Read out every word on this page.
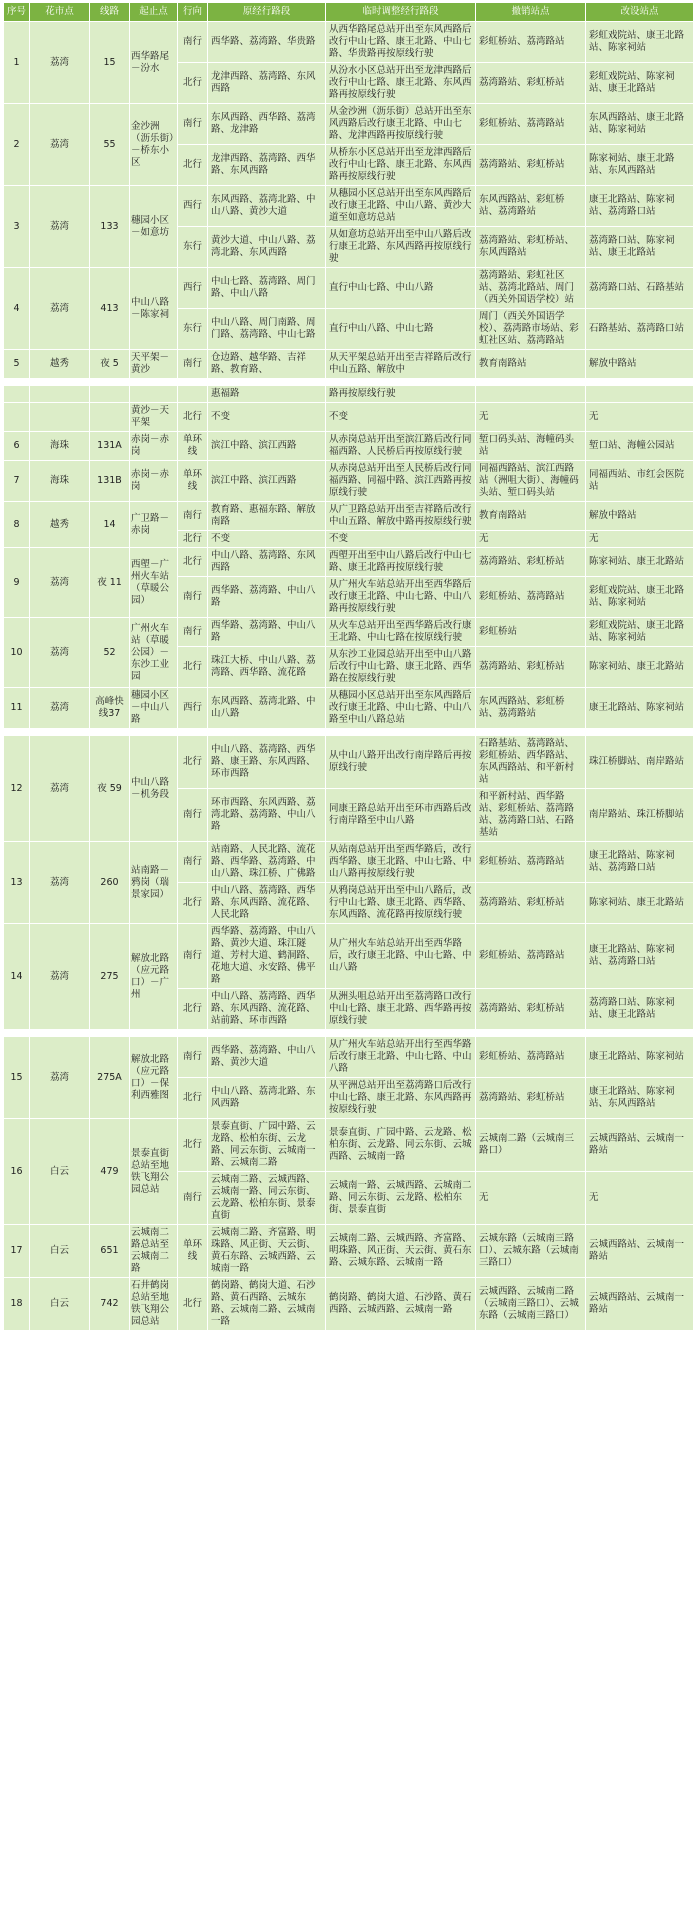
序号	花市点	线路	起止点	行向	原经行路段	临时调整经行路段	撤销站点	改设站点
1	荔湾	15	西华路尾－汾水	南行	西华路、荔湾路、华贵路	从西华路尾总站开出至东风西路后改行中山七路、康王北路、中山七路、华贵路再按原线行驶	彩虹桥站、荔湾路站	彩虹戏院站、康王北路站、陈家祠站
				北行	龙津西路、荔湾路、东风西路	从汾水小区总站开出至龙津西路后改行中山七路、康王北路、东风西路再按原线行驶	荔湾路站、彩虹桥站	彩虹戏院站、陈家祠站、康王北路站
2	荔湾	55	金沙洲（沥乐街）－桥东小区	南行	东风西路、西华路、荔湾路、龙津路	从金沙洲（沥乐街）总站开出至东风西路后改行康王北路、中山七路、龙津西路再按原线行驶	彩虹桥站、荔湾路站	东风西路站、康王北路站、陈家祠站
				北行	龙津西路、荔湾路、西华路、东风西路	从桥东小区总站开出至龙津西路后改行中山七路、康王北路、东风西路再按原线行驶	荔湾路站、彩虹桥站	陈家祠站、康王北路站、东风西路站
3	荔湾	133	穗园小区－如意坊	西行	东风西路、荔湾北路、中山八路、黄沙大道	从穗园小区总站开出至东风西路后改行康王北路、中山八路、黄沙大道至如意坊总站	东风西路站、彩虹桥站、荔湾路站	康王北路站、陈家祠站、荔湾路口站
				东行	黄沙大道、中山八路、荔湾北路、东风西路	从如意坊总站开出至中山八路后改行康王北路、东风西路再按原线行驶	荔湾路站、彩虹桥站、东风西路站	荔湾路口站、陈家祠站、康王北路站
4	荔湾	413	中山八路－陈家祠	西行	中山七路、荔湾路、周门路、中山八路	直行中山七路、中山八路	荔湾路站、彩虹社区站、荔湾北路站、周门（西关外国语学校）站	荔湾路口站、石路基站
				东行	中山八路、周门南路、周门路、荔湾路、中山七路	直行中山八路、中山七路	周门（西关外国语学校）、荔湾路市场站、彩虹社区站、荔湾路站	石路基站、荔湾路口站
5	越秀	夜 5	天平架－黄沙	南行	仓边路、越华路、吉祥路、教育路、	从天平架总站开出至吉祥路后改行中山五路、解放中	教育南路站	解放中路站
					惠福路	路再按原线行驶		
			黄沙－天平架	北行	不变	不变	无	无
6	海珠	131A	赤岗－赤岗	单环线	滨江中路、滨江西路	从赤岗总站开出至滨江路后改行同福西路、人民桥后再按原线行驶	堑口码头站、海幢码头站	堑口站、海幢公园站
7	海珠	131B	赤岗－赤岗	单环线	滨江中路、滨江西路	从赤岗总站开出至人民桥后改行同福西路、同福中路、滨江西路再按原线行驶	同福西路站、滨江西路站（洲咀大街）、海幢码头站、堑口码头站	同福西站、市红会医院站
8	越秀	14	广卫路－赤岗	南行	教育路、惠福东路、解放南路	从广卫路总站开出至吉祥路后改行中山五路、解放中路再按原线行驶	教育南路站	解放中路站
				北行	不变	不变	无	无
9	荔湾	夜 11	西塱－广州火车站（草暖公园）	北行	中山八路、荔湾路、东风西路	西塱开出至中山八路后改行中山七路、康王北路再按原线行驶	荔湾路站、彩虹桥站	陈家祠站、康王北路站
				南行	西华路、荔湾路、中山八路	从广州火车站总站开出至西华路后改行康王北路、中山七路、中山八路再按原线行驶	彩虹桥站、荔湾路站	彩虹戏院站、康王北路站、陈家祠站
10	荔湾	52	广州火车站（草暖公园）－东沙工业园	南行	西华路、荔湾路、中山八路	从火车总站开出至西华路后改行康王北路、中山七路在按原线行驶	彩虹桥站	彩虹戏院站、康王北路站、陈家祠站
				北行	珠江大桥、中山八路、荔湾路、西华路、流花路	从东沙工业园总站开出至中山八路后改行中山七路、康王北路、西华路在按原线行驶	荔湾路站、彩虹桥站	陈家祠站、康王北路站
11	荔湾	高峰快线37	穗园小区－中山八路	西行	东风西路、荔湾北路、中山八路	从穗园小区总站开出至东风西路后改行康王北路、中山七路、中山八路至中山八路总站	东风西路站、彩虹桥站、荔湾路站	康王北路站、陈家祠站
12	荔湾	夜 59	中山八路－机务段	北行	中山八路、荔湾路、西华路、康王路、东风西路、环市西路	从中山八路开出改行南岸路后再按原线行驶	石路基站、荔湾路站、彩虹桥站、西华路站、东风西路站、和平新村站	珠江桥脚站、南岸路站
				南行	环市西路、东风西路、荔湾北路、荔湾路、中山八路	同康王路总站开出至环市西路后改行南岸路至中山八路	和平新村站、西华路站、彩虹桥站、荔湾路站、荔湾路口站、石路基站	南岸路站、珠江桥脚站
13	荔湾	260	站南路－鸦岗（瑞景家园）	南行	站南路、人民北路、流花路、西华路、荔湾路、中山八路、珠江桥、广佛路	从站南总站开出至西华路后，改行西华路、康王北路、中山七路、中山八路再按原线行驶	彩虹桥站、荔湾路站	康王北路站、陈家祠站、荔湾路口站
				北行	中山八路、荔湾路、西华路、东风西路、流花路、人民北路	从鸦岗总站开出至中山八路后，改行中山七路、康王北路、西华路、东风西路、流花路再按原线行驶	荔湾路站、彩虹桥站	陈家祠站、康王北路站
14	荔湾	275	解放北路（应元路口）－广州	南行	西华路、荔湾路、中山八路、黄沙大道、珠江隧道、芳村大道、鹤洞路、花地大道、永安路、佛平路	从广州火车站总站开出至西华路后，改行康王北路、中山七路、中山八路	彩虹桥站、荔湾路站	康王北路站、陈家祠站、荔湾路口站
				北行	中山八路、荔湾路、西华路、东风西路、流花路、站前路、环市西路	从洲头咀总站开出至荔湾路口改行中山七路、康王北路、西华路再按原线行驶	荔湾路站、彩虹桥站	荔湾路口站、陈家祠站、康王北路站
15	荔湾	275A	解放北路（应元路口）－保利西雅图	南行	西华路、荔湾路、中山八路、黄沙大道	从广州火车站总站开出行至西华路后改行康王北路、中山七路、中山八路	彩虹桥站、荔湾路站	康王北路站、陈家祠站
				北行	中山八路、荔湾北路、东风西路	从平洲总站开出至荔湾路口后改行中山七路、康王北路、东风西路再按原线行驶	荔湾路站、彩虹桥站	康王北路站、陈家祠站、东风西路站
16	白云	479	景泰直街总站至地铁飞翔公园总站	北行	景泰直街、广园中路、云龙路、松柏东街、云龙路、同云东街、云城南一路、云城南二路	景泰直街、广园中路、云龙路、松柏东街、云龙路、同云东街、云城西路、云城南一路	云城南二路（云城南三路口）	云城西路站、云城南一路站
				南行	云城南二路、云城西路、云城南一路、同云东街、云龙路、松柏东街、景泰直街	云城南一路、云城西路、云城南二路、同云东街、云龙路、松柏东街、景泰直街	无	无
17	白云	651	云城南二路总站至云城南二路	单环线	云城南二路、齐富路、明珠路、风正街、天云街、黄石东路、云城西路、云城南一路	云城南二路、云城西路、齐富路、明珠路、风正街、天云街、黄石东路、云城东路、云城南一路	云城东路（云城南三路口）、云城东路（云城南三路口）	云城西路站、云城南一路站
18	白云	742	石井鹤岗总站至地铁飞翔公园总站	北行	鹤岗路、鹤岗大道、石沙路、黄石西路、云城东路、云城南二路、云城南一路	鹤岗路、鹤岗大道、石沙路、黄石西路、云城西路、云城南一路	云城西路、云城南二路（云城南三路口）、云城东路（云城南三路口）	云城西路站、云城南一路站
